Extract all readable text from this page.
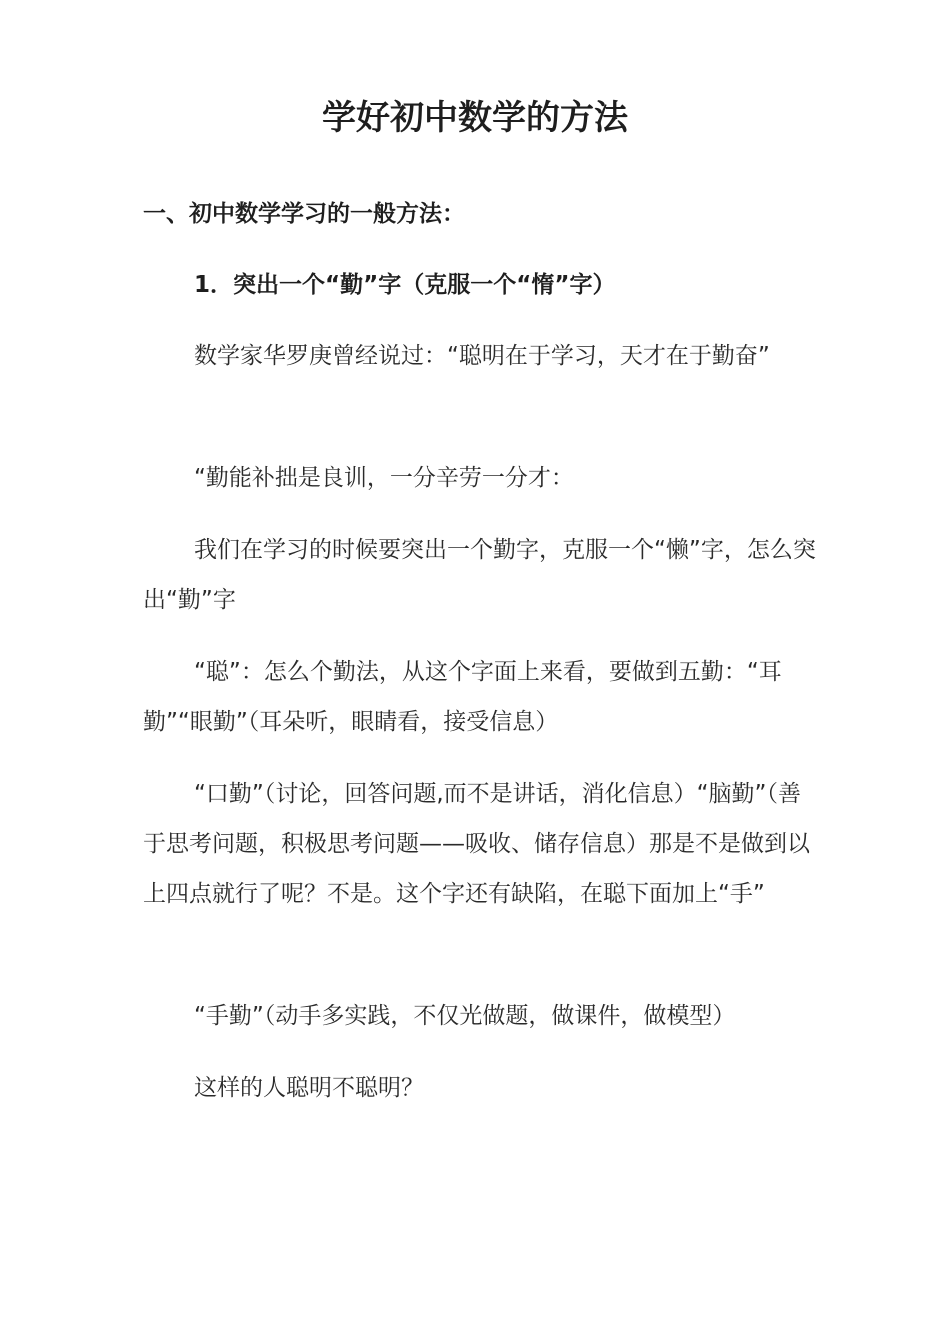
学好初中数学的方法
一、初中数学学习的一般方法：
1．突出一个“勤”字（克服一个“惰”字）
数学家华罗庚曾经说过：“聪明在于学习，天才在于勤奋”
“勤能补拙是良训，一分辛劳一分才：
我们在学习的时候要突出一个勤字，克服一个“懒”字，怎么突出“勤”字
“聪”：怎么个勤法，从这个字面上来看，要做到五勤：“耳勤”“眼勤”（耳朵听，眼睛看，接受信息）
“口勤”（讨论，回答问题,而不是讲话，消化信息）“脑勤”（善于思考问题，积极思考问题——吸收、储存信息）那是不是做到以上四点就行了呢？不是。这个字还有缺陷，在聪下面加上“手”
“手勤”（动手多实践，不仅光做题，做课件，做模型）
这样的人聪明不聪明？
